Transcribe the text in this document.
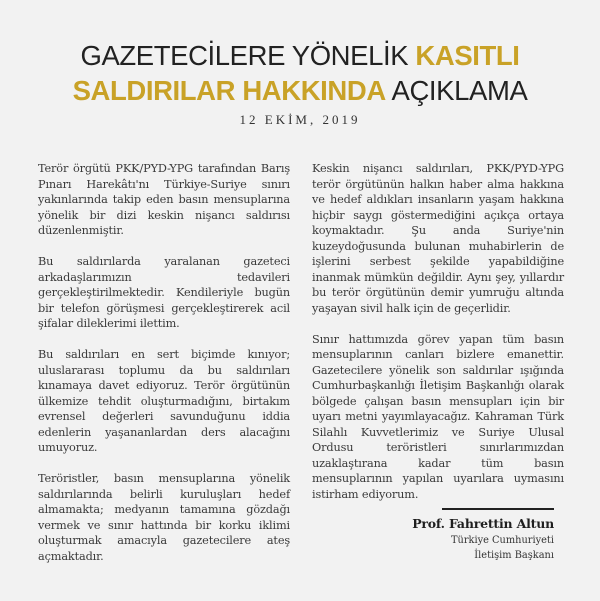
GAZETECİLERE YÖNELİK KASITLI
SALDIRILAR HAKKINDA AÇIKLAMA
12 EKİM, 2019

Terör örgütü PKK/PYD-YPG tarafından Barış Pınarı Harekâtı'nı Türkiye-Suriye sınırı yakınlarında takip eden basın mensuplarına yönelik bir dizi keskin nişancı saldırısı düzenlenmiştir.

Bu saldırılarda yaralanan gazeteci arkadaşlarımızın tedavileri gerçekleştirilmektedir. Kendileriyle bugün bir telefon görüşmesi gerçekleştirerek acil şifalar dileklerimi ilettim.

Bu saldırıları en sert biçimde kınıyor; uluslararası toplumu da bu saldırıları kınamaya davet ediyoruz. Terör örgütünün ülkemize tehdit oluşturmadığını, birtakım evrensel değerleri savunduğunu iddia edenlerin yaşananlardan ders alacağını umuyoruz.

Teröristler, basın mensuplarına yönelik saldırılarında belirli kuruluşları hedef almamakta; medyanın tamamına gözdağı vermek ve sınır hattında bir korku iklimi oluşturmak amacıyla gazetecilere ateş açmaktadır.

Keskin nişancı saldırıları, PKK/PYD-YPG terör örgütünün halkın haber alma hakkına ve hedef aldıkları insanların yaşam hakkına hiçbir saygı göstermediğini açıkça ortaya koymaktadır. Şu anda Suriye'nin kuzeydoğusunda bulunan muhabirlerin de işlerini serbest şekilde yapabildiğine inanmak mümkün değildir. Aynı şey, yıllardır bu terör örgütünün demir yumruğu altında yaşayan sivil halk için de geçerlidir.

Sınır hattımızda görev yapan tüm basın mensuplarının canları bizlere emanettir. Gazetecilere yönelik son saldırılar ışığında Cumhurbaşkanlığı İletişim Başkanlığı olarak bölgede çalışan basın mensupları için bir uyarı metni yayımlayacağız. Kahraman Türk Silahlı Kuvvetlerimiz ve Suriye Ulusal Ordusu teröristleri sınırlarımızdan uzaklaştırana kadar tüm basın mensuplarının yapılan uyarılara uymasını istirham ediyorum.

Prof. Fahrettin Altun
Türkiye Cumhuriyeti
İletişim Başkanı
